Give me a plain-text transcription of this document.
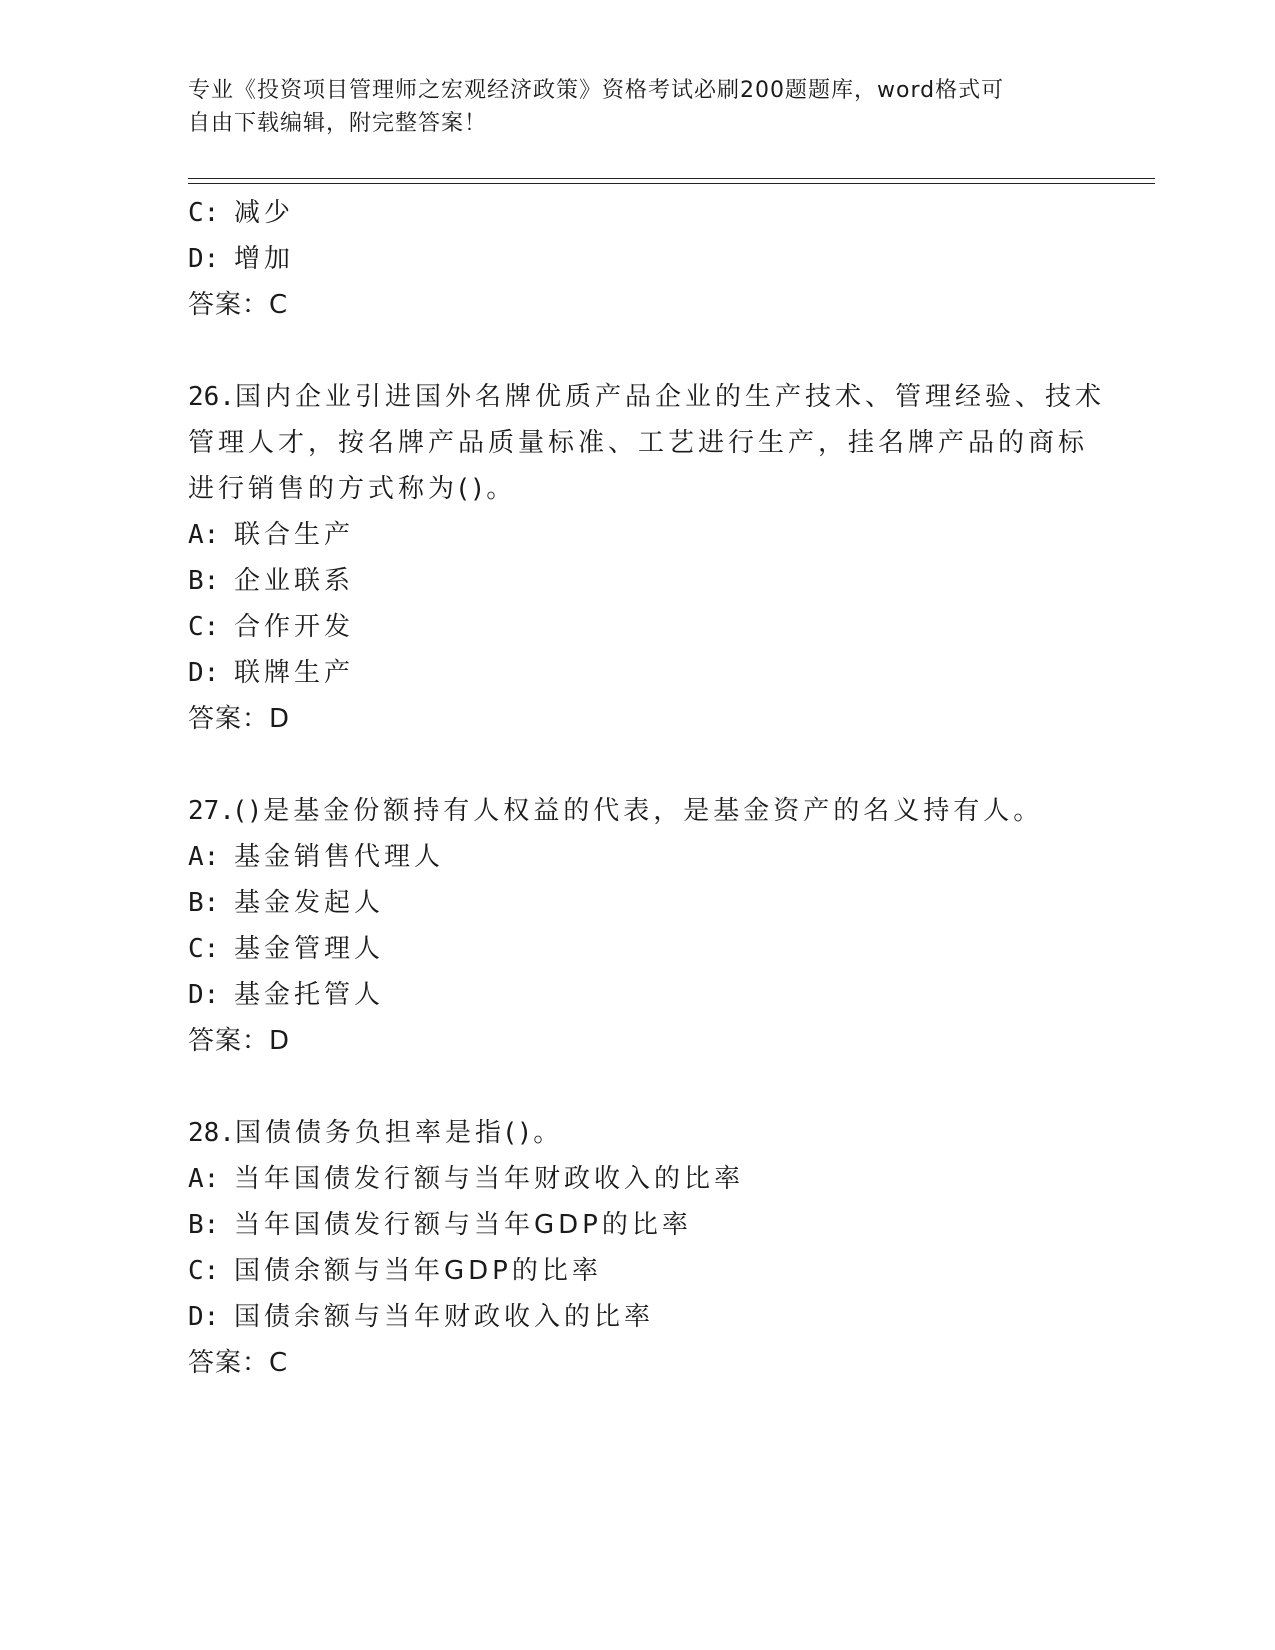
专业《投资项目管理师之宏观经济政策》资格考试必刷200题题库，word格式可
自由下载编辑，附完整答案！
C: 减少
D: 增加
答案：C
26.国内企业引进国外名牌优质产品企业的生产技术、管理经验、技术
管理人才，按名牌产品质量标准、工艺进行生产，挂名牌产品的商标
进行销售的方式称为()。
A: 联合生产
B: 企业联系
C: 合作开发
D: 联牌生产
答案：D
27.()是基金份额持有人权益的代表，是基金资产的名义持有人。
A: 基金销售代理人
B: 基金发起人
C: 基金管理人
D: 基金托管人
答案：D
28.国债债务负担率是指()。
A: 当年国债发行额与当年财政收入的比率
B: 当年国债发行额与当年GDP的比率
C: 国债余额与当年GDP的比率
D: 国债余额与当年财政收入的比率
答案：C
